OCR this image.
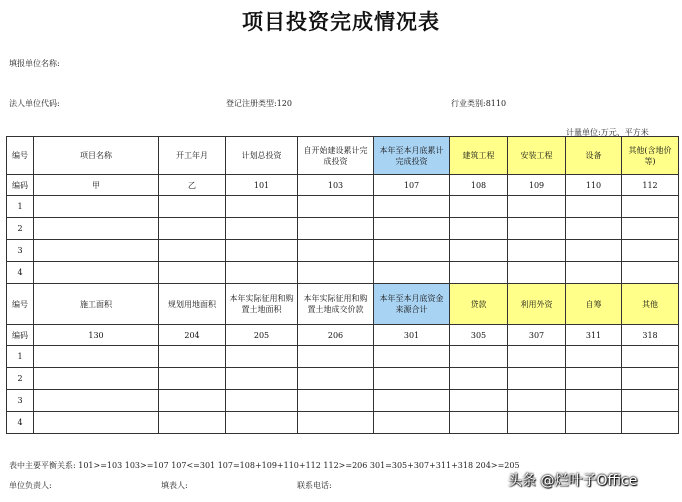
项目投资完成情况表
填报单位名称:
法人单位代码:	登记注册类型:120	行业类别:8110
计量单位:万元、平方米
编号	项目名称	开工年月	计划总投资	自开始建设累计完成投资	本年至本月底累计完成投资	建筑工程	安装工程	设备	其他(含地价等)
编码	甲	乙	101	103	107	108	109	110	112
1									
2									
3									
4									
编号	施工面积	规划用地面积	本年实际征用和购置土地面积	本年实际征用和购置土地成交价款	本年至本月底资金来源合计	贷款	利用外资	自筹	其他
编码	130	204	205	206	301	305	307	311	318
1									
2									
3									
4									
表中主要平衡关系: 101>=103 103>=107 107<=301 107=108+109+110+112 112>=206 301=305+307+311+318 204>=205
单位负责人:	填表人:	联系电话:	头条 @烂叶子Office
